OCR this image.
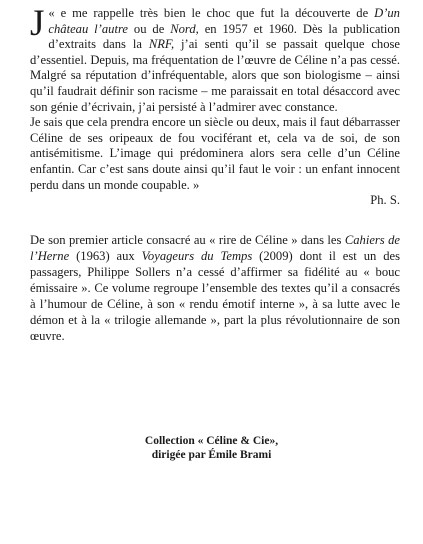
«
J e me rappelle très bien le choc que fut la découverte de D’un château l’autre ou de Nord, en 1957 et 1960. Dès la publication d’extraits dans la NRF, j’ai senti qu’il se passait quelque chose d’essentiel. Depuis, ma fréquentation de l’œuvre de Céline n’a pas cessé. Malgré sa réputation d’infréquentable, alors que son biologisme – ainsi qu’il faudrait définir son racisme – me paraissait en total désaccord avec son génie d’écrivain, j’ai persisté à l’admirer avec constance.

Je sais que cela prendra encore un siècle ou deux, mais il faut débarrasser Céline de ses oripeaux de fou vociférant et, cela va de soi, de son antisémitisme. L’image qui prédominera alors sera celle d’un Céline enfantin. Car c’est sans doute ainsi qu’il faut le voir : un enfant innocent perdu dans un monde coupable. »

Ph. S.

De son premier article consacré au « rire de Céline » dans les Cahiers de l’Herne (1963) aux Voyageurs du Temps (2009) dont il est un des passagers, Philippe Sollers n’a cessé d’affirmer sa fidélité au « bouc émissaire ». Ce volume regroupe l’ensemble des textes qu’il a consacrés à l’humour de Céline, à son « rendu émotif interne », à sa lutte avec le démon et à la « trilogie allemande », part la plus révolutionnaire de son œuvre.

Collection « Céline & Cie»,
dirigée par Émile Brami
